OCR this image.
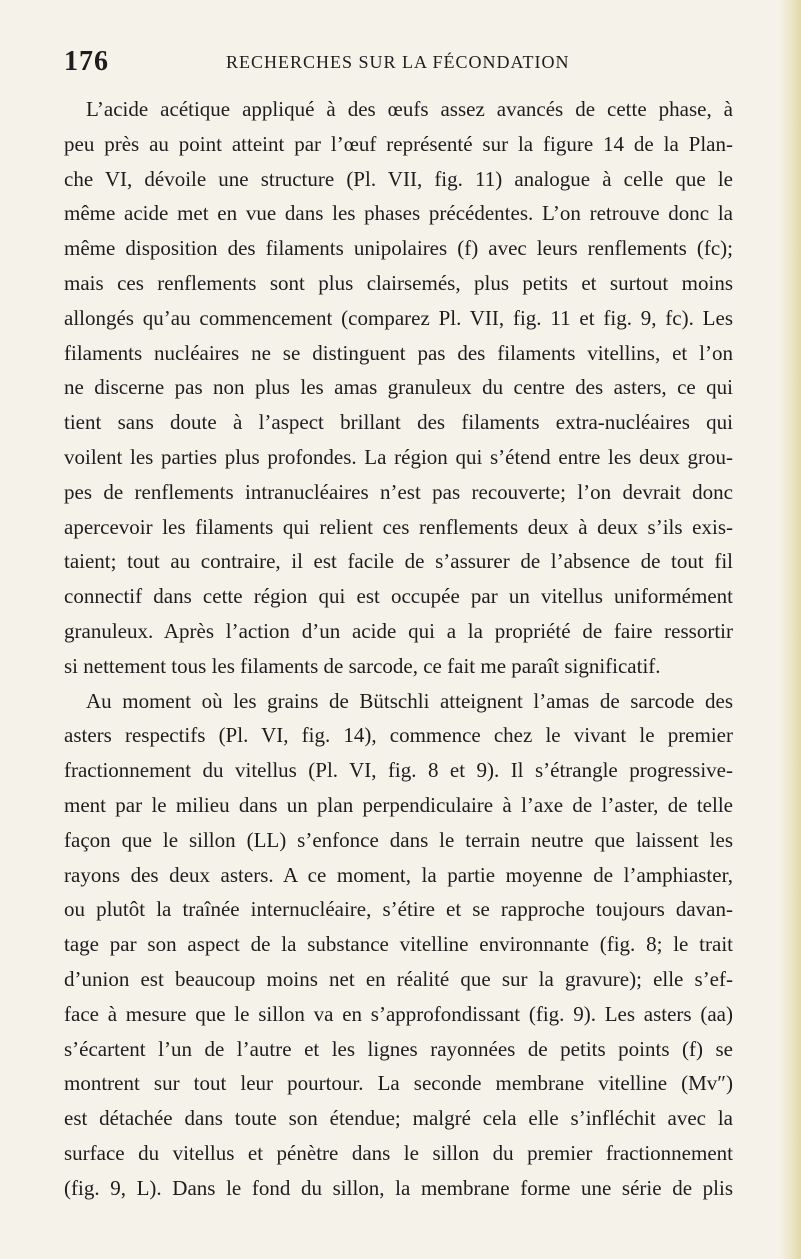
176	RECHERCHES SUR LA FÉCONDATION

L’acide acétique appliqué à des œufs assez avancés de cette phase, à
peu près au point atteint par l’œuf représenté sur la figure 14 de la Plan-
che VI, dévoile une structure (Pl. VII, fig. 11) analogue à celle que le
même acide met en vue dans les phases précédentes. L’on retrouve donc la
même disposition des filaments unipolaires (f) avec leurs renflements (fc);
mais ces renflements sont plus clairsemés, plus petits et surtout moins
allongés qu’au commencement (comparez Pl. VII, fig. 11 et fig. 9, fc). Les
filaments nucléaires ne se distinguent pas des filaments vitellins, et l’on
ne discerne pas non plus les amas granuleux du centre des asters, ce qui
tient sans doute à l’aspect brillant des filaments extra-nucléaires qui
voilent les parties plus profondes. La région qui s’étend entre les deux grou-
pes de renflements intranucléaires n’est pas recouverte; l’on devrait donc
apercevoir les filaments qui relient ces renflements deux à deux s’ils exis-
taient; tout au contraire, il est facile de s’assurer de l’absence de tout fil
connectif dans cette région qui est occupée par un vitellus uniformément
granuleux. Après l’action d’un acide qui a la propriété de faire ressortir
si nettement tous les filaments de sarcode, ce fait me paraît significatif.

Au moment où les grains de Bütschli atteignent l’amas de sarcode des
asters respectifs (Pl. VI, fig. 14), commence chez le vivant le premier
fractionnement du vitellus (Pl. VI, fig. 8 et 9). Il s’étrangle progressive-
ment par le milieu dans un plan perpendiculaire à l’axe de l’aster, de telle
façon que le sillon (LL) s’enfonce dans le terrain neutre que laissent les
rayons des deux asters. A ce moment, la partie moyenne de l’amphiaster,
ou plutôt la traînée internucléaire, s’étire et se rapproche toujours davan-
tage par son aspect de la substance vitelline environnante (fig. 8; le trait
d’union est beaucoup moins net en réalité que sur la gravure); elle s’ef-
face à mesure que le sillon va en s’approfondissant (fig. 9). Les asters (aa)
s’écartent l’un de l’autre et les lignes rayonnées de petits points (f) se
montrent sur tout leur pourtour. La seconde membrane vitelline (Mv″)
est détachée dans toute son étendue; malgré cela elle s’infléchit avec la
surface du vitellus et pénètre dans le sillon du premier fractionnement
(fig. 9, L). Dans le fond du sillon, la membrane forme une série de plis
